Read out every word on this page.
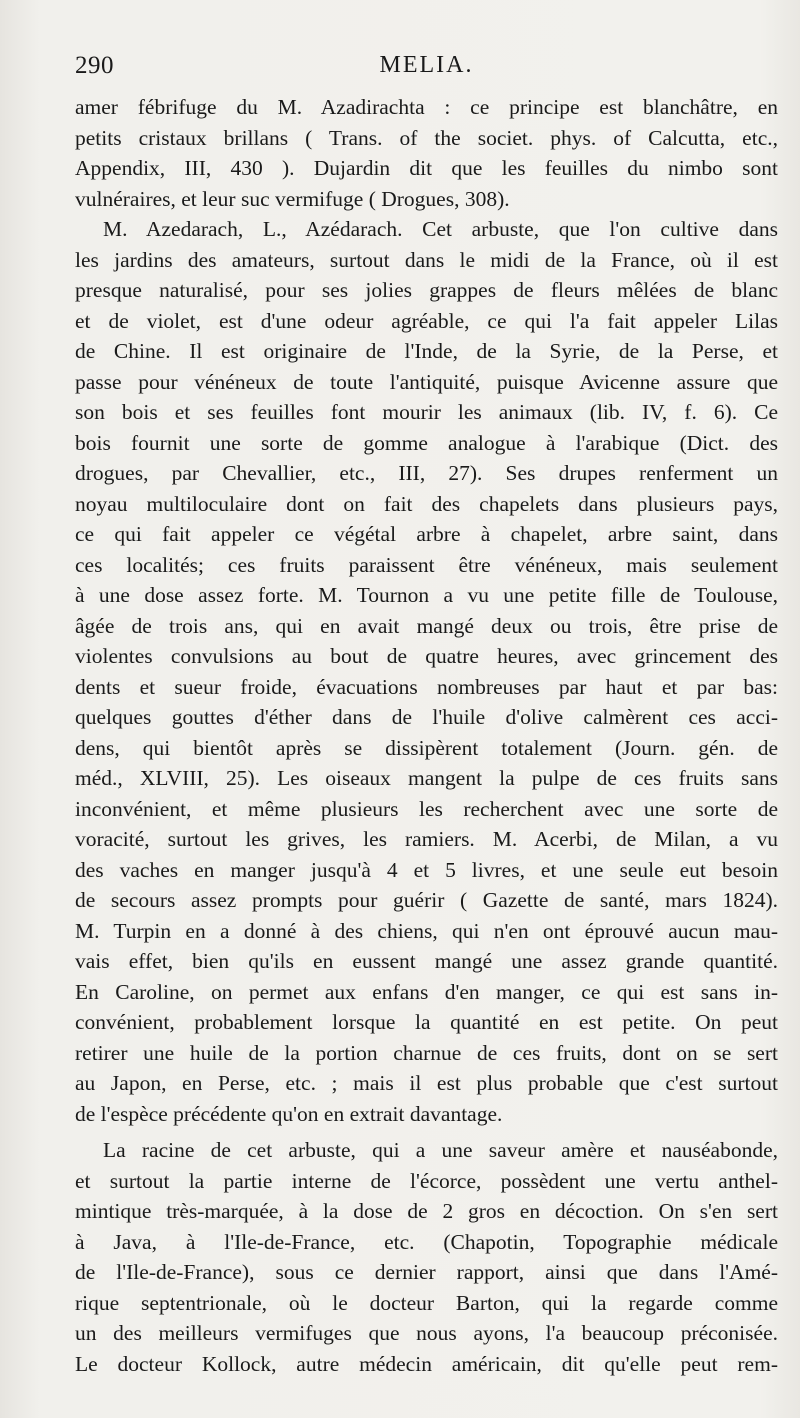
290	MELIA.
amer fébrifuge du M. Azadirachta : ce principe est blanchâtre, en
petits cristaux brillans ( Trans. of the societ. phys. of Calcutta, etc.,
Appendix, III, 430 ). Dujardin dit que les feuilles du nimbo sont
vulnéraires, et leur suc vermifuge ( Drogues, 308).
M. Azedarach, L., Azédarach. Cet arbuste, que l'on cultive dans
les jardins des amateurs, surtout dans le midi de la France, où il est
presque naturalisé, pour ses jolies grappes de fleurs mêlées de blanc
et de violet, est d'une odeur agréable, ce qui l'a fait appeler Lilas
de Chine. Il est originaire de l'Inde, de la Syrie, de la Perse, et
passe pour vénéneux de toute l'antiquité, puisque Avicenne assure que
son bois et ses feuilles font mourir les animaux (lib. IV, f. 6). Ce
bois fournit une sorte de gomme analogue à l'arabique (Dict. des
drogues, par Chevallier, etc., III, 27). Ses drupes renferment un
noyau multiloculaire dont on fait des chapelets dans plusieurs pays,
ce qui fait appeler ce végétal arbre à chapelet, arbre saint, dans
ces localités; ces fruits paraissent être vénéneux, mais seulement
à une dose assez forte. M. Tournon a vu une petite fille de Toulouse,
âgée de trois ans, qui en avait mangé deux ou trois, être prise de
violentes convulsions au bout de quatre heures, avec grincement des
dents et sueur froide, évacuations nombreuses par haut et par bas:
quelques gouttes d'éther dans de l'huile d'olive calmèrent ces acci-
dens, qui bientôt après se dissipèrent totalement (Journ. gén. de
méd., XLVIII, 25). Les oiseaux mangent la pulpe de ces fruits sans
inconvénient, et même plusieurs les recherchent avec une sorte de
voracité, surtout les grives, les ramiers. M. Acerbi, de Milan, a vu
des vaches en manger jusqu'à 4 et 5 livres, et une seule eut besoin
de secours assez prompts pour guérir ( Gazette de santé, mars 1824).
M. Turpin en a donné à des chiens, qui n'en ont éprouvé aucun mau-
vais effet, bien qu'ils en eussent mangé une assez grande quantité.
En Caroline, on permet aux enfans d'en manger, ce qui est sans in-
convénient, probablement lorsque la quantité en est petite. On peut
retirer une huile de la portion charnue de ces fruits, dont on se sert
au Japon, en Perse, etc. ; mais il est plus probable que c'est surtout
de l'espèce précédente qu'on en extrait davantage.
La racine de cet arbuste, qui a une saveur amère et nauséabonde,
et surtout la partie interne de l'écorce, possèdent une vertu anthel-
mintique très-marquée, à la dose de 2 gros en décoction. On s'en sert
à Java, à l'Ile-de-France, etc. (Chapotin, Topographie médicale
de l'Ile-de-France), sous ce dernier rapport, ainsi que dans l'Amé-
rique septentrionale, où le docteur Barton, qui la regarde comme
un des meilleurs vermifuges que nous ayons, l'a beaucoup préconisée.
Le docteur Kollock, autre médecin américain, dit qu'elle peut rem-
